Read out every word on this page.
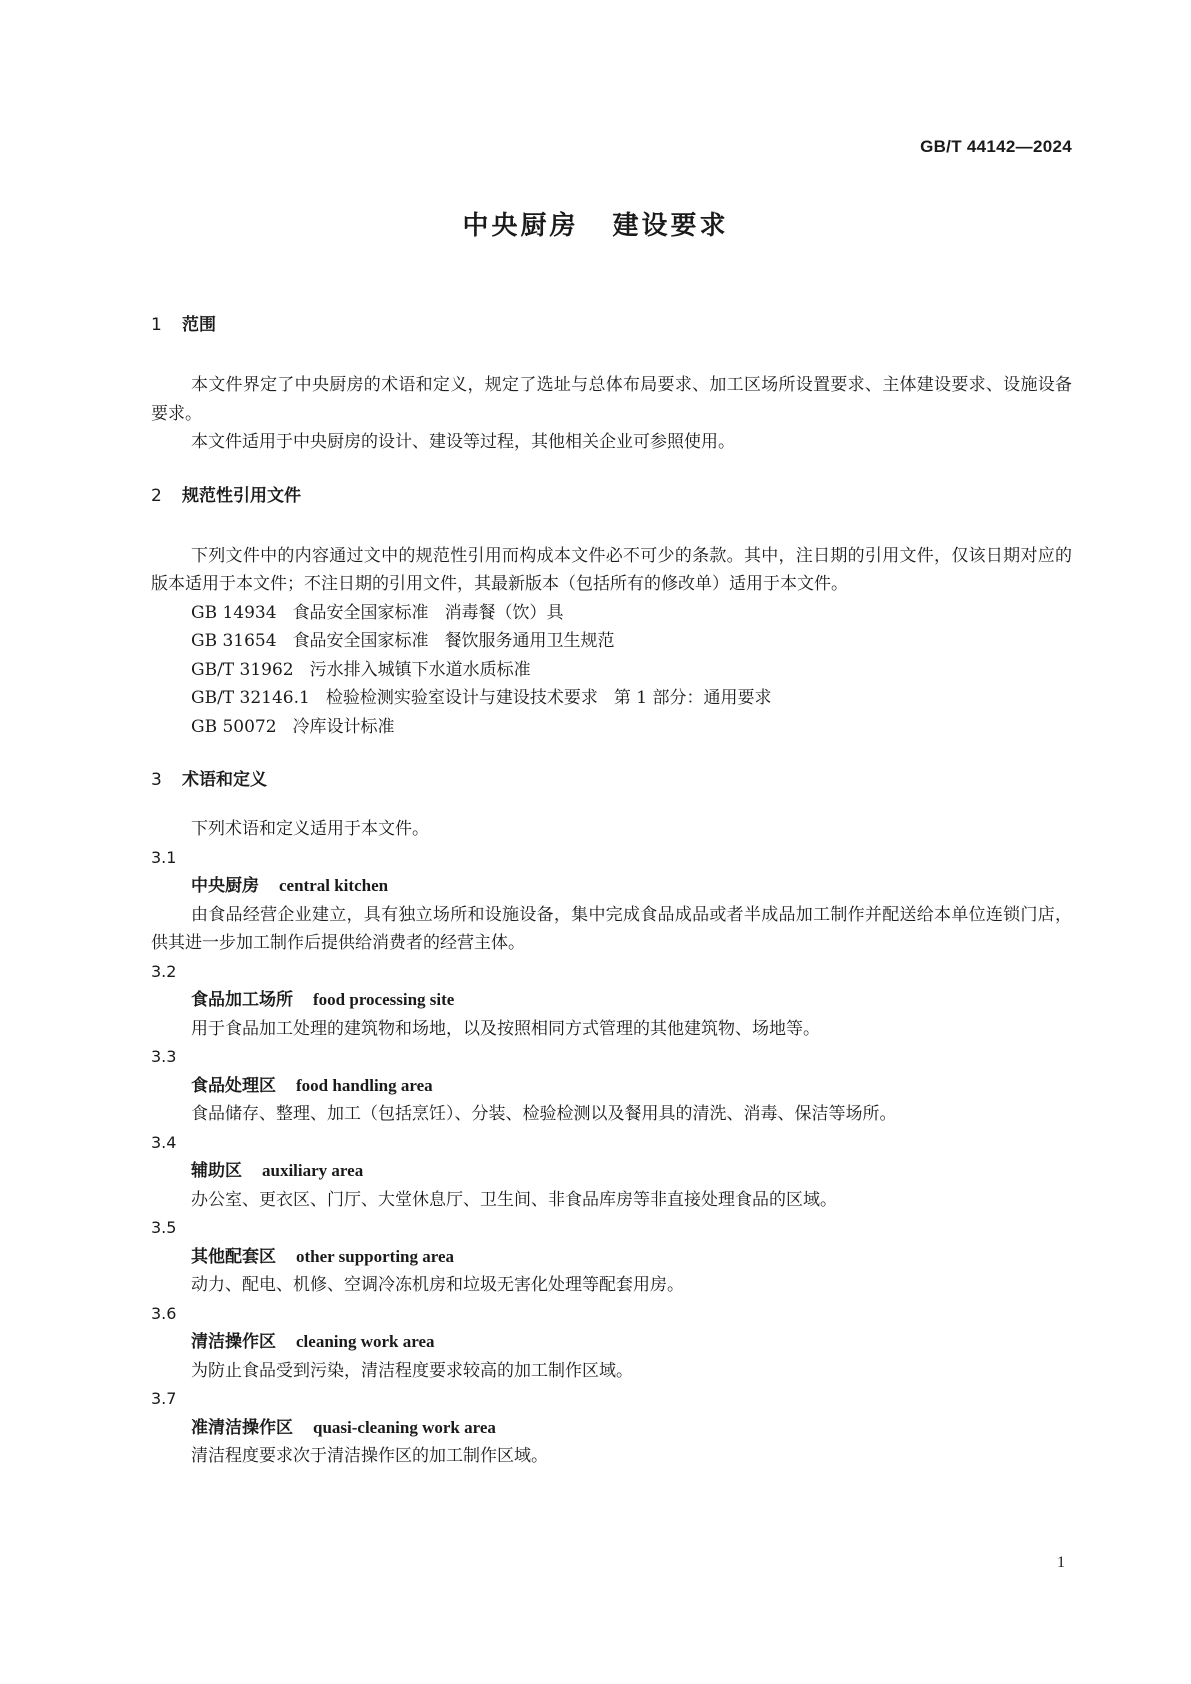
GB/T 44142—2024
中央厨房 建设要求

1 范围

本文件界定了中央厨房的术语和定义，规定了选址与总体布局要求、加工区场所设置要求、主体建设要求、设施设备要求。

本文件适用于中央厨房的设计、建设等过程，其他相关企业可参照使用。

2 规范性引用文件

下列文件中的内容通过文中的规范性引用而构成本文件必不可少的条款。其中，注日期的引用文件，仅该日期对应的版本适用于本文件；不注日期的引用文件，其最新版本（包括所有的修改单）适用于本文件。

GB 14934 食品安全国家标准 消毒餐（饮）具

GB 31654 食品安全国家标准 餐饮服务通用卫生规范

GB/T 31962 污水排入城镇下水道水质标准

GB/T 32146.1 检验检测实验室设计与建设技术要求 第 1 部分：通用要求

GB 50072 冷库设计标准

3 术语和定义

下列术语和定义适用于本文件。

3.1

中央厨房 central kitchen

由食品经营企业建立，具有独立场所和设施设备，集中完成食品成品或者半成品加工制作并配送给本单位连锁门店，供其进一步加工制作后提供给消费者的经营主体。

3.2

食品加工场所 food processing site

用于食品加工处理的建筑物和场地，以及按照相同方式管理的其他建筑物、场地等。

3.3

食品处理区 food handling area

食品储存、整理、加工（包括烹饪）、分装、检验检测以及餐用具的清洗、消毒、保洁等场所。

3.4

辅助区 auxiliary area

办公室、更衣区、门厅、大堂休息厅、卫生间、非食品库房等非直接处理食品的区域。

3.5

其他配套区 other supporting area

动力、配电、机修、空调冷冻机房和垃圾无害化处理等配套用房。

3.6

清洁操作区 cleaning work area

为防止食品受到污染，清洁程度要求较高的加工制作区域。

3.7

准清洁操作区 quasi-cleaning work area

清洁程度要求次于清洁操作区的加工制作区域。

1
